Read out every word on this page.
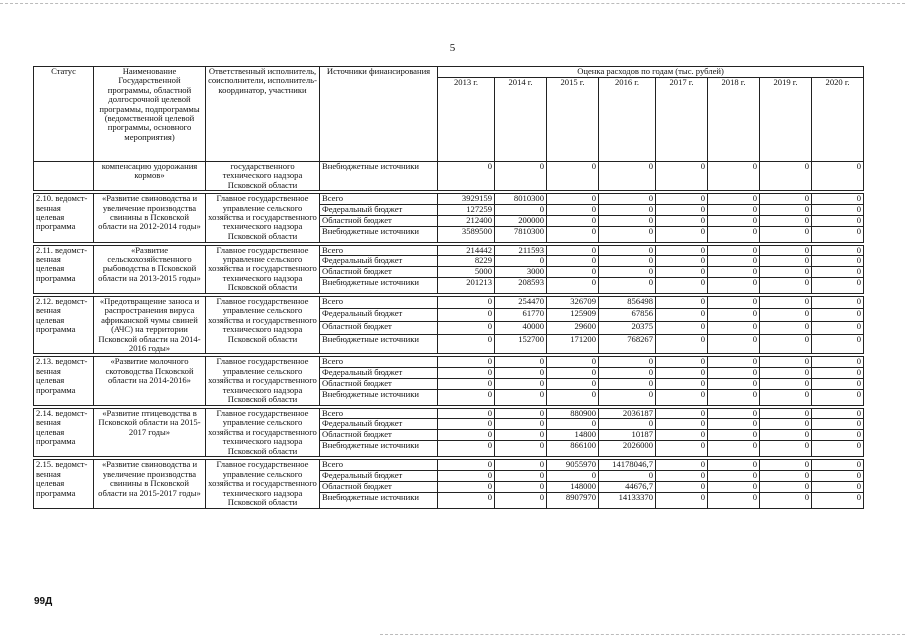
5
Статус	Наименование Государственной программы, областной долгосрочной целевой программы, подпрограммы (ведомственной целевой программы, основного мероприятия)	Ответственный исполнитель, соисполнители, исполнитель-координатор, участники	Источники финансирования	Оценка расходов по годам (тыс. рублей)							
				2013 г.	2014 г.	2015 г.	2016 г.	2017 г.	2018 г.	2019 г.	2020 г.
	компенсацию удорожания кормов»	государственного технического надзора Псковской области	Внебюджетные источники	0	0	0	0	0	0	0	0

2.10. ведомст-венная целевая программа	«Развитие свиноводства и увеличение производства свинины в Псковской области на 2012-2014 годы»	Главное государственное управление сельского хозяйства и государственного технического надзора Псковской области	Всего	3929159	8010300	0	0	0	0	0	0
			Федеральный бюджет	127259	0	0	0	0	0	0	0
			Областной бюджет	212400	200000	0	0	0	0	0	0
			Внебюджетные источники	3589500	7810300	0	0	0	0	0	0

2.11. ведомст-венная целевая программа	«Развитие сельскохозяйственного рыбоводства в Псковской области на 2013-2015 годы»	Главное государственное управление сельского хозяйства и государственного технического надзора Псковской области	Всего	214442	211593	0	0	0	0	0	0
			Федеральный бюджет	8229	0	0	0	0	0	0	0
			Областной бюджет	5000	3000	0	0	0	0	0	0
			Внебюджетные источники	201213	208593	0	0	0	0	0	0

2.12. ведомст-венная целевая программа	«Предотвращение заноса и распространения вируса африканской чумы свиней (АЧС) на территории Псковской области на 2014-2016 годы»	Главное государственное управление сельского хозяйства и государственного технического надзора Псковской области	Всего	0	254470	326709	856498	0	0	0	0
			Федеральный бюджет	0	61770	125909	67856	0	0	0	0
			Областной бюджет	0	40000	29600	20375	0	0	0	0
			Внебюджетные источники	0	152700	171200	768267	0	0	0	0

2.13. ведомст-венная целевая программа	«Развитие молочного скотоводства Псковской области на 2014-2016»	Главное государственное управление сельского хозяйства и государственного технического надзора Псковской области	Всего	0	0	0	0	0	0	0	0
			Федеральный бюджет	0	0	0	0	0	0	0	0
			Областной бюджет	0	0	0	0	0	0	0	0
			Внебюджетные источники	0	0	0	0	0	0	0	0

2.14. ведомст-венная целевая программа	«Развитие птицеводства в Псковской области на 2015-2017 годы»	Главное государственное управление сельского хозяйства и государственного технического надзора Псковской области	Всего	0	0	880900	2036187	0	0	0	0
			Федеральный бюджет	0	0	0	0	0	0	0	0
			Областной бюджет	0	0	14800	10187	0	0	0	0
			Внебюджетные источники	0	0	866100	2026000	0	0	0	0

2.15. ведомст-венная целевая программа	«Развитие свиноводства и увеличение производства свинины в Псковской области на 2015-2017 годы»	Главное государственное управление сельского хозяйства и государственного технического надзора Псковской области	Всего	0	0	9055970	14178046,7	0	0	0	0
			Федеральный бюджет	0	0	0	0	0	0	0	0
			Областной бюджет	0	0	148000	44676,7	0	0	0	0
			Внебюджетные источники	0	0	8907970	14133370	0	0	0	0
99Д
